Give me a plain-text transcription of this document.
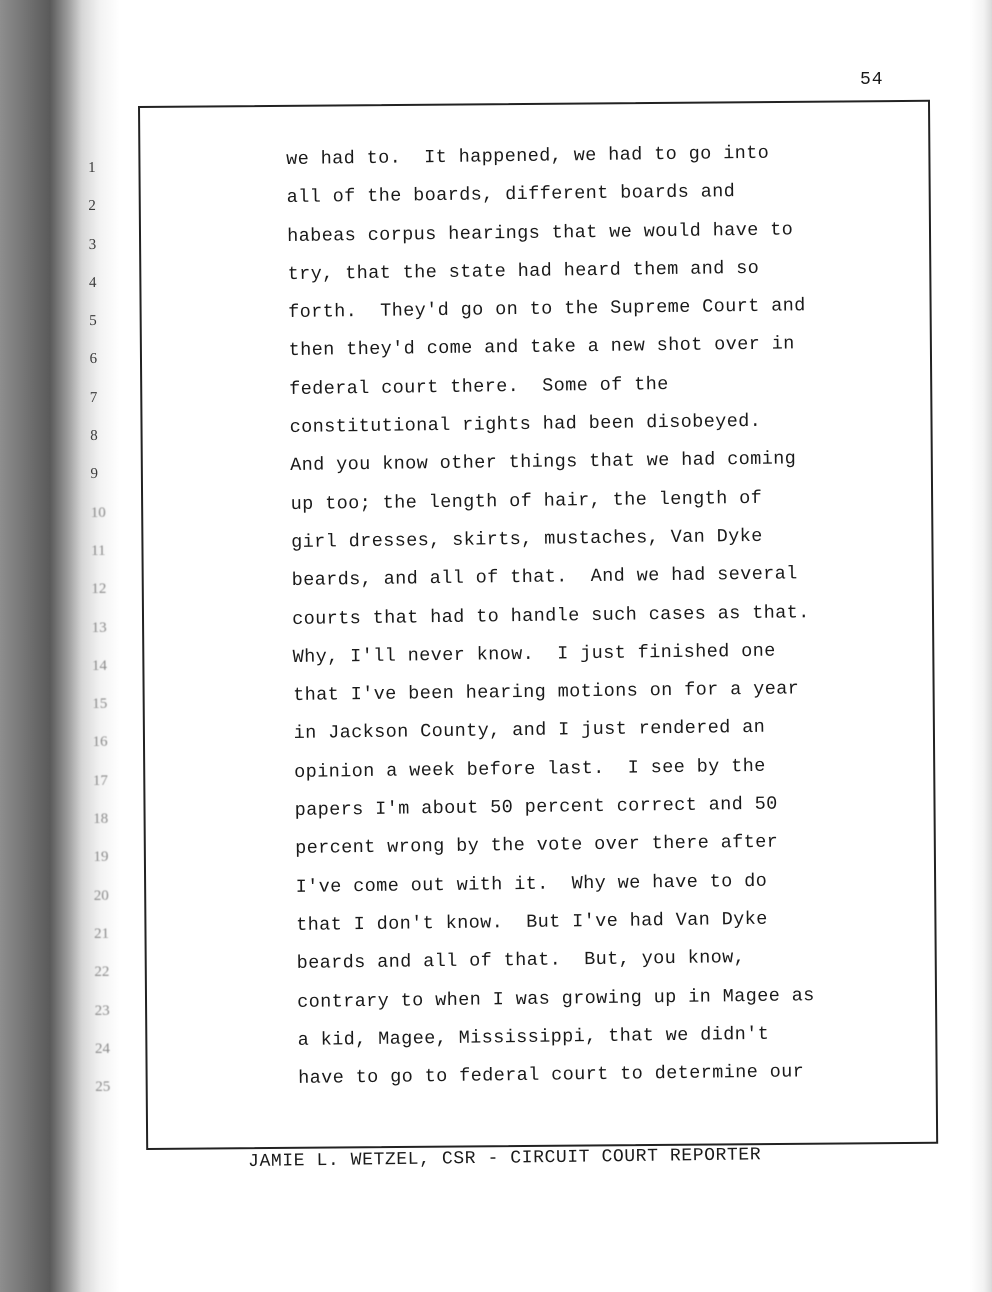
54
1
2
3
4
5
6
7
8
9
10
11
12
13
14
15
16
17
18
19
20
21
22
23
24
25
we had to.  It happened, we had to go into
all of the boards, different boards and
habeas corpus hearings that we would have to
try, that the state had heard them and so
forth.  They'd go on to the Supreme Court and
then they'd come and take a new shot over in
federal court there.  Some of the
constitutional rights had been disobeyed.
And you know other things that we had coming
up too; the length of hair, the length of
girl dresses, skirts, mustaches, Van Dyke
beards, and all of that.  And we had several
courts that had to handle such cases as that.
Why, I'll never know.  I just finished one
that I've been hearing motions on for a year
in Jackson County, and I just rendered an
opinion a week before last.  I see by the
papers I'm about 50 percent correct and 50
percent wrong by the vote over there after
I've come out with it.  Why we have to do
that I don't know.  But I've had Van Dyke
beards and all of that.  But, you know,
contrary to when I was growing up in Magee as
a kid, Magee, Mississippi, that we didn't
have to go to federal court to determine our
JAMIE L. WETZEL, CSR - CIRCUIT COURT REPORTER
